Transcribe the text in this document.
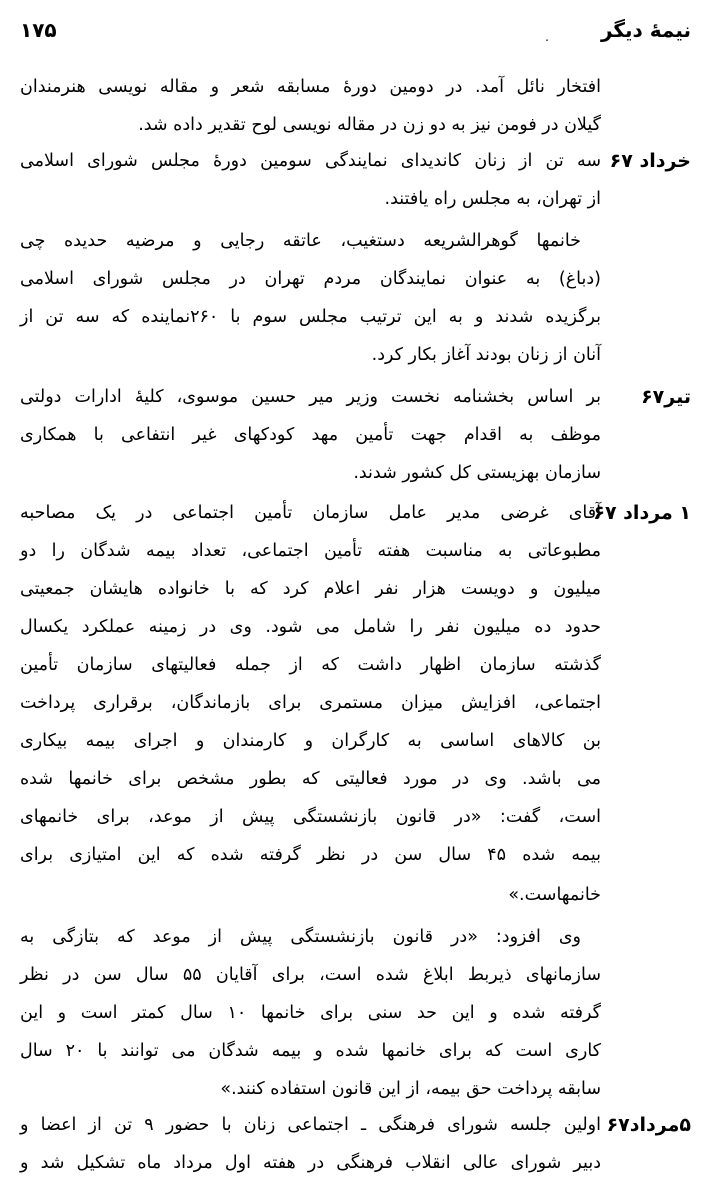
نیمهٔ دیگر
.
۱۷۵
افتخار نائل آمد. در دومین دورهٔ مسابقه شعر و مقاله نویسی هنرمندان
گیلان در فومن نیز به دو زن در مقاله نویسی لوح تقدیر داده شد.
خرداد ۶۷
سه تن از زنان کاندیدای نمایندگی سومین دورهٔ مجلس شورای اسلامی
از تهران، به مجلس راه یافتند.
خانمها گوهرالشریعه دستغیب، عاتقه رجایی و مرضیه حدیده چی
(دباغ) به عنوان نمایندگان مردم تهران در مجلس شورای اسلامی
برگزیده شدند و به این ترتیب مجلس سوم با ۲۶۰نماینده که سه تن از
آنان از زنان بودند آغاز بکار کرد.
تیر۶۷
بر اساس بخشنامه نخست وزیر میر حسین موسوی، کلیهٔ ادارات دولتی
موظف به اقدام جهت تأمین مهد کودکهای غیر انتفاعی با همکاری
سازمان بهزیستی کل کشور شدند.
۱ مرداد ۶۷
آقای غرضی مدیر عامل سازمان تأمین اجتماعی در یک مصاحبه
مطبوعاتی به مناسبت هفته تأمین اجتماعی، تعداد بیمه شدگان را دو
میلیون و دویست هزار نفر اعلام کرد که با خانواده هایشان جمعیتی
حدود ده میلیون نفر را شامل می شود. وی در زمینه عملکرد یکسال
گذشته سازمان اظهار داشت که از جمله فعالیتهای سازمان تأمین
اجتماعی، افزایش میزان مستمری برای بازماندگان، برقراری پرداخت
بن کالاهای اساسی به کارگران و کارمندان و اجرای بیمه بیکاری
می باشد. وی در مورد فعالیتی که بطور مشخص برای خانمها شده
است، گفت: «در قانون بازنشستگی پیش از موعد، برای خانمهای
بیمه شده ۴۵ سال سن در نظر گرفته شده که این امتیازی برای
خانمهاست.»
وی افزود: «در قانون بازنشستگی پیش از موعد که بتازگی به
سازمانهای ذیربط ابلاغ شده است، برای آقایان ۵۵ سال سن در نظر
گرفته شده و این حد سنی برای خانمها ۱۰ سال کمتر است و این
کاری است که برای خانمها شده و بیمه شدگان می توانند با ۲۰ سال
سابقه پرداخت حق بیمه، از این قانون استفاده کنند.»
۵مرداد۶۷
اولین جلسه شورای فرهنگی ـ اجتماعی زنان با حضور ۹ تن از اعضا و
دبیر شورای عالی انقلاب فرهنگی در هفته اول مرداد ماه تشکیل شد و
